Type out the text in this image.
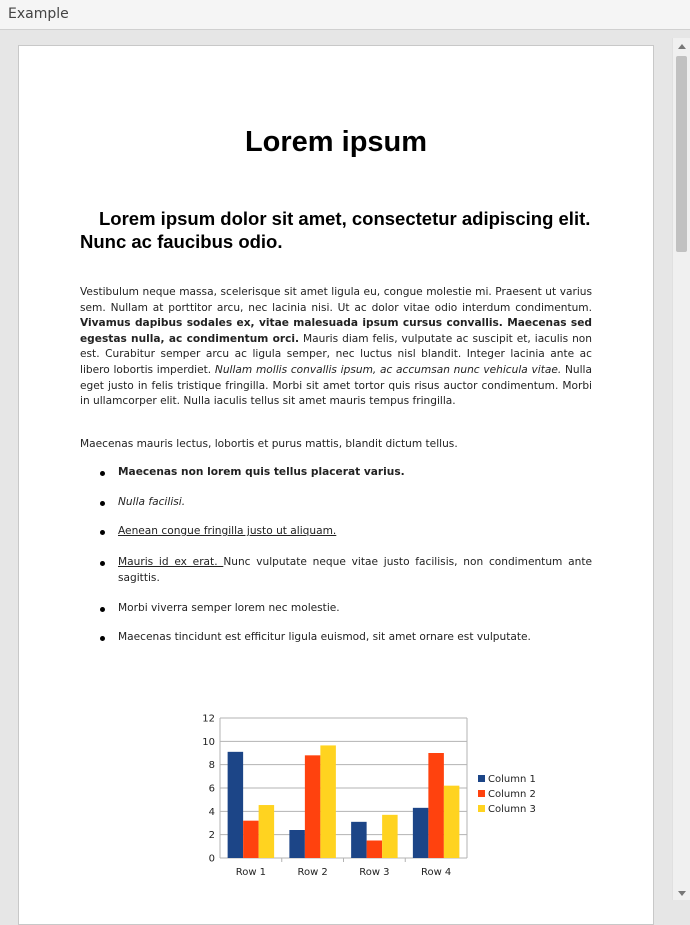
Example
Lorem ipsum
Lorem ipsum dolor sit amet, consectetur adipiscing elit. Nunc ac faucibus odio.

Vestibulum neque massa, scelerisque sit amet ligula eu, congue molestie mi. Praesent ut varius sem. Nullam at porttitor arcu, nec lacinia nisi. Ut ac dolor vitae odio interdum condimentum. Vivamus dapibus sodales ex, vitae malesuada ipsum cursus convallis. Maecenas sed egestas nulla, ac condimentum orci. Mauris diam felis, vulputate ac suscipit et, iaculis non est. Curabitur semper arcu ac ligula semper, nec luctus nisl blandit. Integer lacinia ante ac libero lobortis imperdiet. Nullam mollis convallis ipsum, ac accumsan nunc vehicula vitae. Nulla eget justo in felis tristique fringilla. Morbi sit amet tortor quis risus auctor condimentum. Morbi in ullamcorper elit. Nulla iaculis tellus sit amet mauris tempus fringilla.

Maecenas mauris lectus, lobortis et purus mattis, blandit dictum tellus.

Maecenas non lorem quis tellus placerat varius.
Nulla facilisi.
Aenean congue fringilla justo ut aliquam.
Mauris id ex erat. Nunc vulputate neque vitae justo facilisis, non condimentum ante sagittis.
Morbi viverra semper lorem nec molestie.
Maecenas tincidunt est efficitur ligula euismod, sit amet ornare est vulputate.
0
2
4
6
8
10
12
Row 1	Row 2	Row 3	Row 4
Column 1
Column 2
Column 3
